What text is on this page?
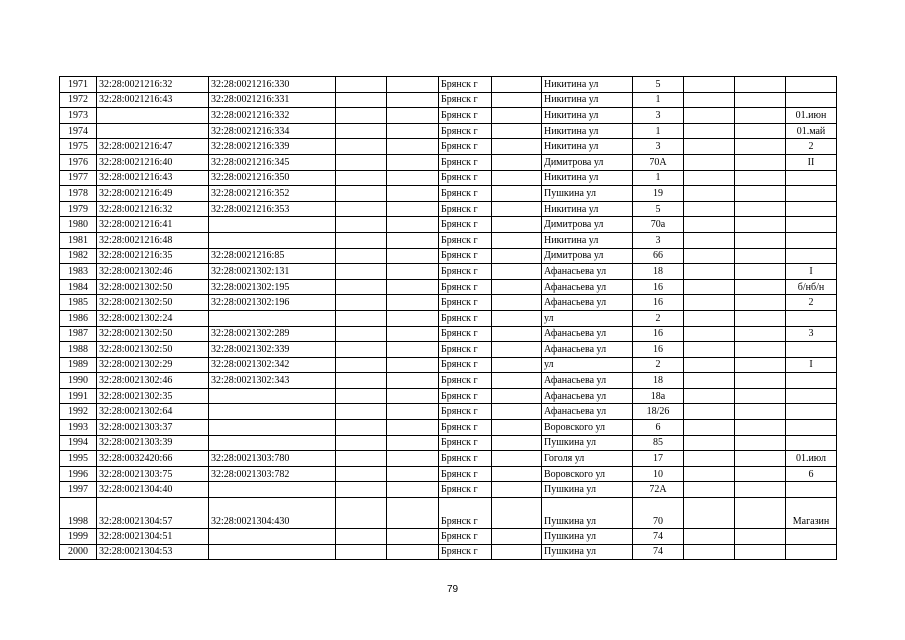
1971	32:28:0021216:32	32:28:0021216:330			Брянск г		Никитина ул	5			
1972	32:28:0021216:43	32:28:0021216:331			Брянск г		Никитина ул	1			
1973		32:28:0021216:332			Брянск г		Никитина ул	3			01.июн
1974		32:28:0021216:334			Брянск г		Никитина ул	1			01.май
1975	32:28:0021216:47	32:28:0021216:339			Брянск г		Никитина ул	3			2
1976	32:28:0021216:40	32:28:0021216:345			Брянск г		Димитрова ул	70А			II
1977	32:28:0021216:43	32:28:0021216:350			Брянск г		Никитина ул	1			
1978	32:28:0021216:49	32:28:0021216:352			Брянск г		Пушкина ул	19			
1979	32:28:0021216:32	32:28:0021216:353			Брянск г		Никитина ул	5			
1980	32:28:0021216:41				Брянск г		Димитрова ул	70а			
1981	32:28:0021216:48				Брянск г		Никитина ул	3			
1982	32:28:0021216:35	32:28:0021216:85			Брянск г		Димитрова ул	66			
1983	32:28:0021302:46	32:28:0021302:131			Брянск г		Афанасьева ул	18			I
1984	32:28:0021302:50	32:28:0021302:195			Брянск г		Афанасьева ул	16			б/нб/н
1985	32:28:0021302:50	32:28:0021302:196			Брянск г		Афанасьева ул	16			2
1986	32:28:0021302:24				Брянск г		ул	2			
1987	32:28:0021302:50	32:28:0021302:289			Брянск г		Афанасьева ул	16			3
1988	32:28:0021302:50	32:28:0021302:339			Брянск г		Афанасьева ул	16			
1989	32:28:0021302:29	32:28:0021302:342			Брянск г		ул	2			I
1990	32:28:0021302:46	32:28:0021302:343			Брянск г		Афанасьева ул	18			
1991	32:28:0021302:35				Брянск г		Афанасьева ул	18а			
1992	32:28:0021302:64				Брянск г		Афанасьева ул	18/26			
1993	32:28:0021303:37				Брянск г		Воровского ул	6			
1994	32:28:0021303:39				Брянск г		Пушкина ул	85			
1995	32:28:0032420:66	32:28:0021303:780			Брянск г		Гоголя ул	17			01.июл
1996	32:28:0021303:75	32:28:0021303:782			Брянск г		Воровского ул	10			6
1997	32:28:0021304:40				Брянск г		Пушкина ул	72А			
1998	32:28:0021304:57	32:28:0021304:430			Брянск г		Пушкина ул	70			Магазин
1999	32:28:0021304:51				Брянск г		Пушкина ул	74			
2000	32:28:0021304:53				Брянск г		Пушкина ул	74			
79
